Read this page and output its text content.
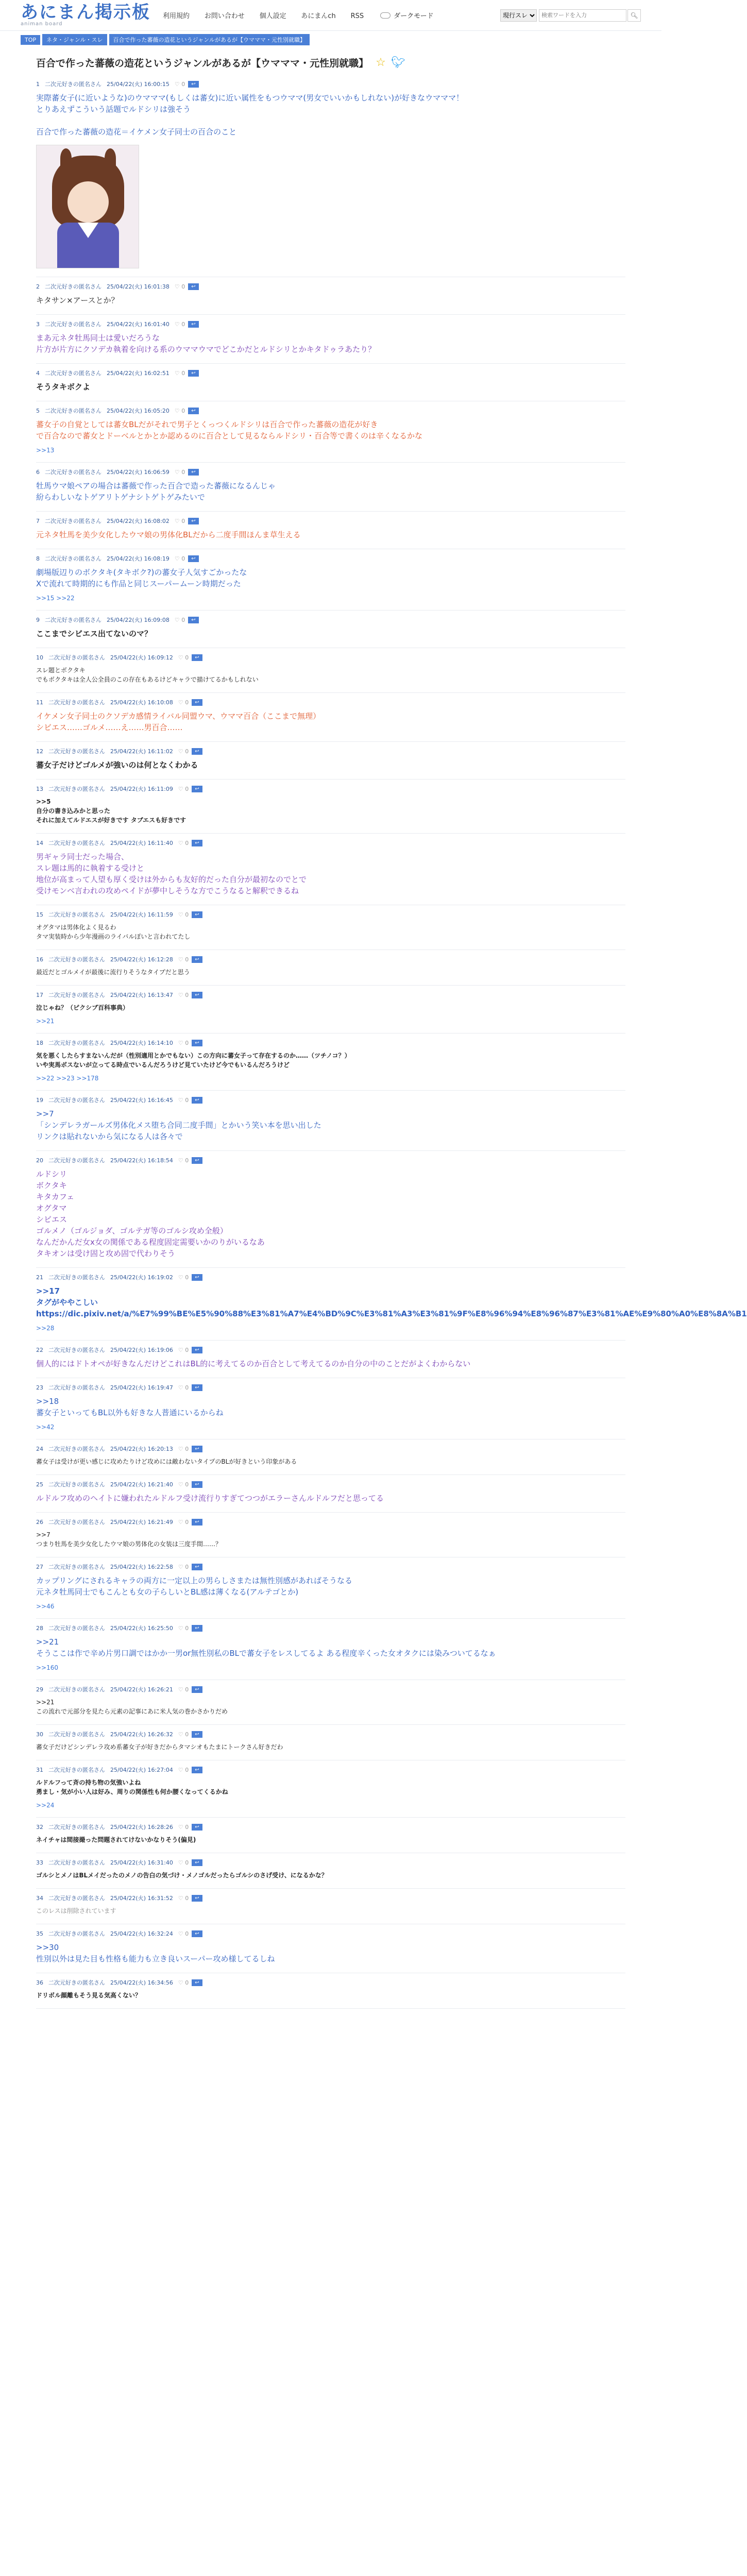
あにまん掲示板
animan board
利用規約 お問い合わせ 個人設定 あにまんch RSS	ダークモード
現行スレ
検索ワードを入力	🔍︎
TOP ネタ・ジャンル・スレ 百合で作った蕃薇の造花というジャンルがあるが【ウマママ・元性別就職】
百合で作った蕃薇の造花というジャンルがあるが【ウマママ・元性別就職】 ☆ 🐦︎
1 二次元好きの匿名さん 25/04/22(火) 16:00:15 ♡ 0	↩
実際蕃女子(に近いような)のウマママ(もしくは蕃女)に近い属性をもつウママ(男女でいいかもしれない)が好きなウマママ！
とりあえずこういう話題でルドシリは強そう

百合で作った蕃薇の造花＝イケメン女子同士の百合のこと
2 二次元好きの匿名さん 25/04/22(火) 16:01:38 ♡ 0	↩
キタサン×アースとか？
3 二次元好きの匿名さん 25/04/22(火) 16:01:40 ♡ 0	↩
まあ元ネタ牡馬同士は愛いだろうな
片方が片方にクソデカ執着を向ける系のウママウマでどこかだとルドシリとかキタドゥラあたり？
4 二次元好きの匿名さん 25/04/22(火) 16:02:51 ♡ 0	↩
そうタキボクよ
5 二次元好きの匿名さん 25/04/22(火) 16:05:20 ♡ 0	↩
蕃女子の自覚としては蕃女BLだがそれで男子とくっつくルドシリは百合で作った蕃薇の造花が好き
で百合なので蕃女とドーベルとかとか認めるのに百合として見るならルドシリ・百合等で書くのは辛くなるかな
>>13
6 二次元好きの匿名さん 25/04/22(火) 16:06:59 ♡ 0	↩
牡馬ウマ娘ペアの場合は蕃薇で作った百合で造った蕃薇になるんじゃ
紛らわしいなトゲアリトゲナシトゲトゲみたいで
7 二次元好きの匿名さん 25/04/22(火) 16:08:02 ♡ 0	↩
元ネタ牡馬を美少女化したウマ娘の男体化BLだから二度手間ほんま草生える
8 二次元好きの匿名さん 25/04/22(火) 16:08:19 ♡ 0	↩
劇場版辺りのボクタキ(タキボク?)の蕃女子人気すごかったな
Xで流れて時期的にも作品と同じスーパームーン時期だった
>>15 >>22
9 二次元好きの匿名さん 25/04/22(火) 16:09:08 ♡ 0	↩
ここまでシビエス出てないのマ？
10 二次元好きの匿名さん 25/04/22(火) 16:09:12 ♡ 0	↩
スレ題とボクタキ
でもボクタキは全人公全員のこの存在もあるけどキャラで描けてるかもしれない
11 二次元好きの匿名さん 25/04/22(火) 16:10:08 ♡ 0	↩
イケメン女子同士のクソデカ感情ライバル同盟ウマ、ウママ百合（ここまで無理）
シビエス……ゴルメ……え……男百合……
12 二次元好きの匿名さん 25/04/22(火) 16:11:02 ♡ 0	↩
蕃女子だけどゴルメが強いのは何となくわかる
13 二次元好きの匿名さん 25/04/22(火) 16:11:09 ♡ 0	↩
>>5
自分の書き込みかと思った
それに加えてルドエスが好きです タブエスも好きです
14 二次元好きの匿名さん 25/04/22(火) 16:11:40 ♡ 0	↩
男ギャラ同士だった場合、
スレ題は馬的に執着する受けと
地位が高まって人望も厚く受けは外からも友好的だった自分が最初なのでとで
受けモンベ言われの攻めペイドが夢中しそうな方でこうなると解釈できるね
15 二次元好きの匿名さん 25/04/22(火) 16:11:59 ♡ 0	↩
オグタマは男体化よく見るわ
タマ実装時から少年漫画のライバルぽいと言われてたし
16 二次元好きの匿名さん 25/04/22(火) 16:12:28 ♡ 0	↩
最近だとゴルメイが最後に流行りそうなタイプだと思う
17 二次元好きの匿名さん 25/04/22(火) 16:13:47 ♡ 0	↩
泣じゃね？（ピクシブ百科事典）
>>21
18 二次元好きの匿名さん 25/04/22(火) 16:14:10 ♡ 0	↩
気を悪くしたらすまないんだが（性別適用とかでもない）この方向に蕃女子って存在するのか……（ツチノコ？）
いや実馬ボスないが立ってる時点でいるんだろうけど見ていたけど今でもいるんだろうけど
>>22 >>23 >>178
19 二次元好きの匿名さん 25/04/22(火) 16:16:45 ♡ 0	↩
>>7
「シンデレラガールズ男体化メス堕ち合同二度手間」とかいう笑い本を思い出した
リンクは貼れないから気になる人は各々で
20 二次元好きの匿名さん 25/04/22(火) 16:18:54 ♡ 0	↩
ルドシリ
ボクタキ
キタカフェ
オグタマ
シビエス
ゴルメノ（ゴルジョダ、ゴルテガ等のゴルシ攻め全般）
なんだかんだ女x女の関係である程度固定需要いかのりがいるなあ
タキオンは受け固と攻め固で代わりそう
21 二次元好きの匿名さん 25/04/22(火) 16:19:02 ♡ 0	↩
>>17
タグがややこしい
https://dic.pixiv.net/a/%E7%99%BE%E5%90%88%E3%81%A7%E4%BD%9C%E3%81%A3%E3%81%9F%E8%96%94%E8%96%87%E3%81%AE%E9%80%A0%E8%8A%B1
>>28
22 二次元好きの匿名さん 25/04/22(火) 16:19:06 ♡ 0	↩
個人的にはドトオペが好きなんだけどこれはBL的に考えてるのか百合として考えてるのか自分の中のことだがよくわからない
23 二次元好きの匿名さん 25/04/22(火) 16:19:47 ♡ 0	↩
>>18
蕃女子といってもBL以外も好きな人普通にいるからね
>>42
24 二次元好きの匿名さん 25/04/22(火) 16:20:13 ♡ 0	↩
蕃女子は受けが更い感じに攻めたりけど攻めには敵わないタイプのBLが好きという印象がある
25 二次元好きの匿名さん 25/04/22(火) 16:21:40 ♡ 0	↩
ルドルフ攻めのヘイトに嫌われたルドルフ受け流行りすぎてつつがエラーさんルドルフだと思ってる
26 二次元好きの匿名さん 25/04/22(火) 16:21:49 ♡ 0	↩
>>7
つまり牡馬を美少女化したウマ娘の男体化の女装は三度手間……？
27 二次元好きの匿名さん 25/04/22(火) 16:22:58 ♡ 0	↩
カップリングにされるキャラの両方に一定以上の男らしさまたは無性別感があればそうなる
元ネタ牡馬同士でもこんとも女の子らしいとBL感は薄くなる(アルテゴとか)
>>46
28 二次元好きの匿名さん 25/04/22(火) 16:25:50 ♡ 0	↩
>>21
そうここは作で辛め片男口調ではかか一男or無性別私のBLで蕃女子をレスしてるよ ある程度辛くった女オタクには染みついてるなぁ
>>160
29 二次元好きの匿名さん 25/04/22(火) 16:26:21 ♡ 0	↩
>>21
この流れで元部分を見たら元素の記事にあに米人気の巻かさかりだめ
30 二次元好きの匿名さん 25/04/22(火) 16:26:32 ♡ 0	↩
蕃女子だけどシンデレラ攻め系蕃女子が好きだからタマシオもたまにトークさん好きだわ
31 二次元好きの匿名さん 25/04/22(火) 16:27:04 ♡ 0	↩
ルドルフって斉の持ち物の気強いよね
勇まし・気が小い人は好み、周りの関係性も何か腰くなってくるかね
>>24
32 二次元好きの匿名さん 25/04/22(火) 16:28:26 ♡ 0	↩
ネイチャは間接撮った問題されてけないかなりそう(偏見)
33 二次元好きの匿名さん 25/04/22(火) 16:31:40 ♡ 0	↩
ゴルシとメノはBLメイだったのメノの告白の気づけ・メノゴルだったらゴルシのさげ受け、になるかな？
34 二次元好きの匿名さん 25/04/22(火) 16:31:52 ♡ 0	↩
このレスは削除されています
35 二次元好きの匿名さん 25/04/22(火) 16:32:24 ♡ 0	↩
>>30
性別以外は見た目も性格も能力も立き良いスーパー攻め様してるしね
36 二次元好きの匿名さん 25/04/22(火) 16:34:56 ♡ 0	↩
ドリボル顔離もそう見る気高くない？
